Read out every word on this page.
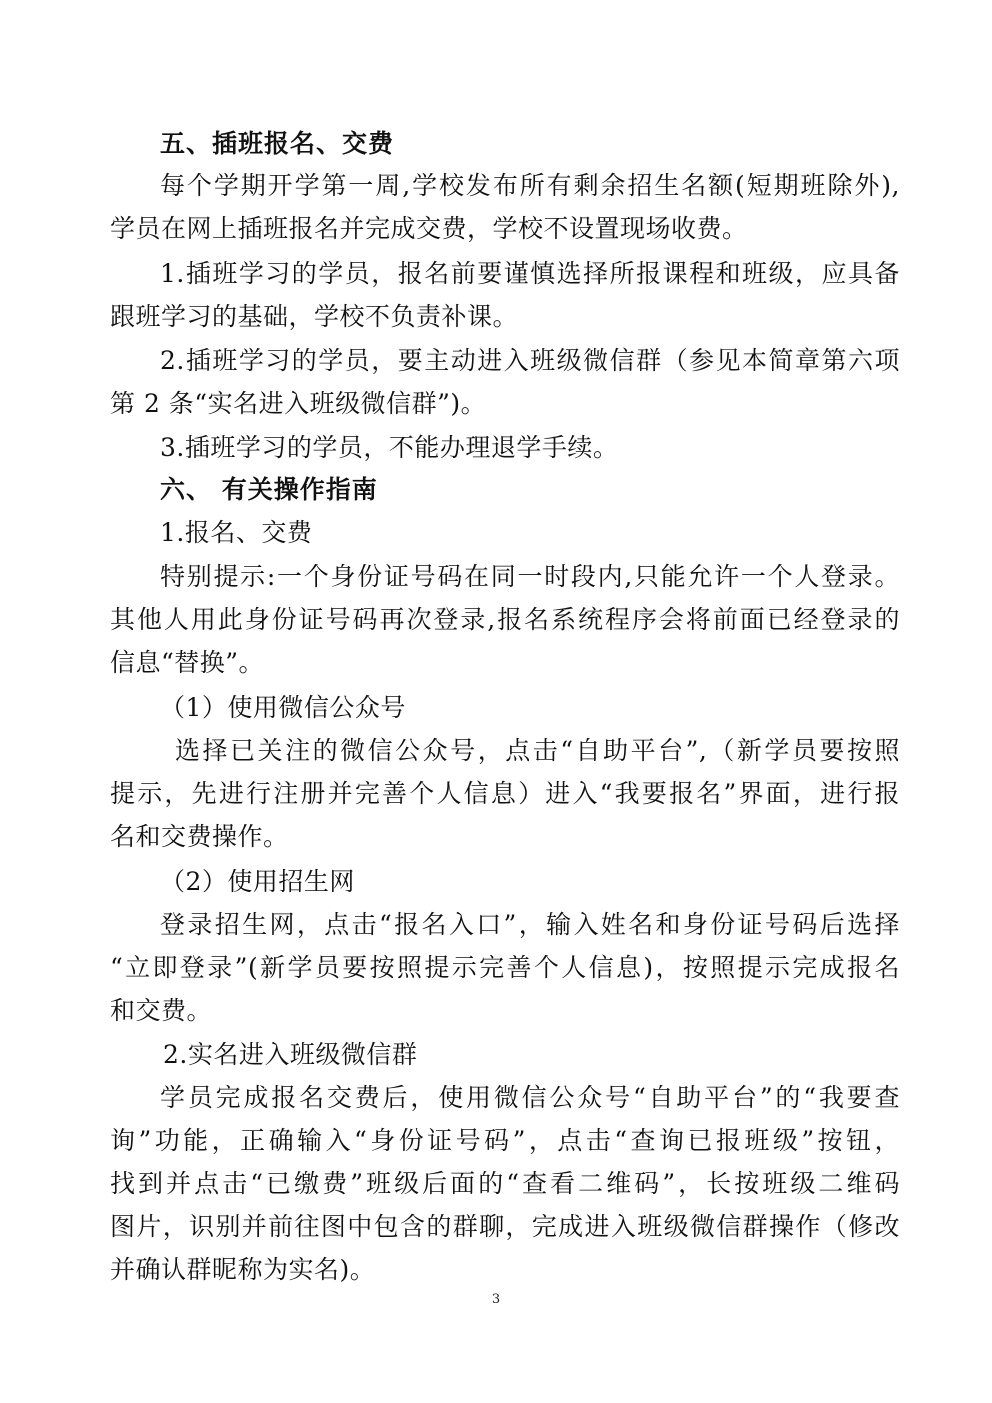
五、插班报名、交费
每个学期开学第一周,学校发布所有剩余招生名额(短期班除外),
学员在网上插班报名并完成交费，学校不设置现场收费。
1.插班学习的学员，报名前要谨慎选择所报课程和班级，应具备
跟班学习的基础，学校不负责补课。
2.插班学习的学员，要主动进入班级微信群（参见本简章第六项
第 2 条“实名进入班级微信群”)。
3.插班学习的学员，不能办理退学手续。
六、 有关操作指南
1.报名、交费
特别提示:一个身份证号码在同一时段内,只能允许一个人登录。
其他人用此身份证号码再次登录,报名系统程序会将前面已经登录的
信息“替换”。
（1）使用微信公众号
选择已关注的微信公众号，点击“自助平台”,（新学员要按照
提示，先进行注册并完善个人信息）进入“我要报名”界面，进行报
名和交费操作。
（2）使用招生网
登录招生网，点击“报名入口”，输入姓名和身份证号码后选择
“立即登录”(新学员要按照提示完善个人信息)，按照提示完成报名
和交费。
2.实名进入班级微信群
学员完成报名交费后，使用微信公众号“自助平台”的“我要查
询”功能，正确输入“身份证号码”，点击“查询已报班级”按钮，
找到并点击“已缴费”班级后面的“查看二维码”，长按班级二维码
图片，识别并前往图中包含的群聊，完成进入班级微信群操作（修改
并确认群昵称为实名)。
3
